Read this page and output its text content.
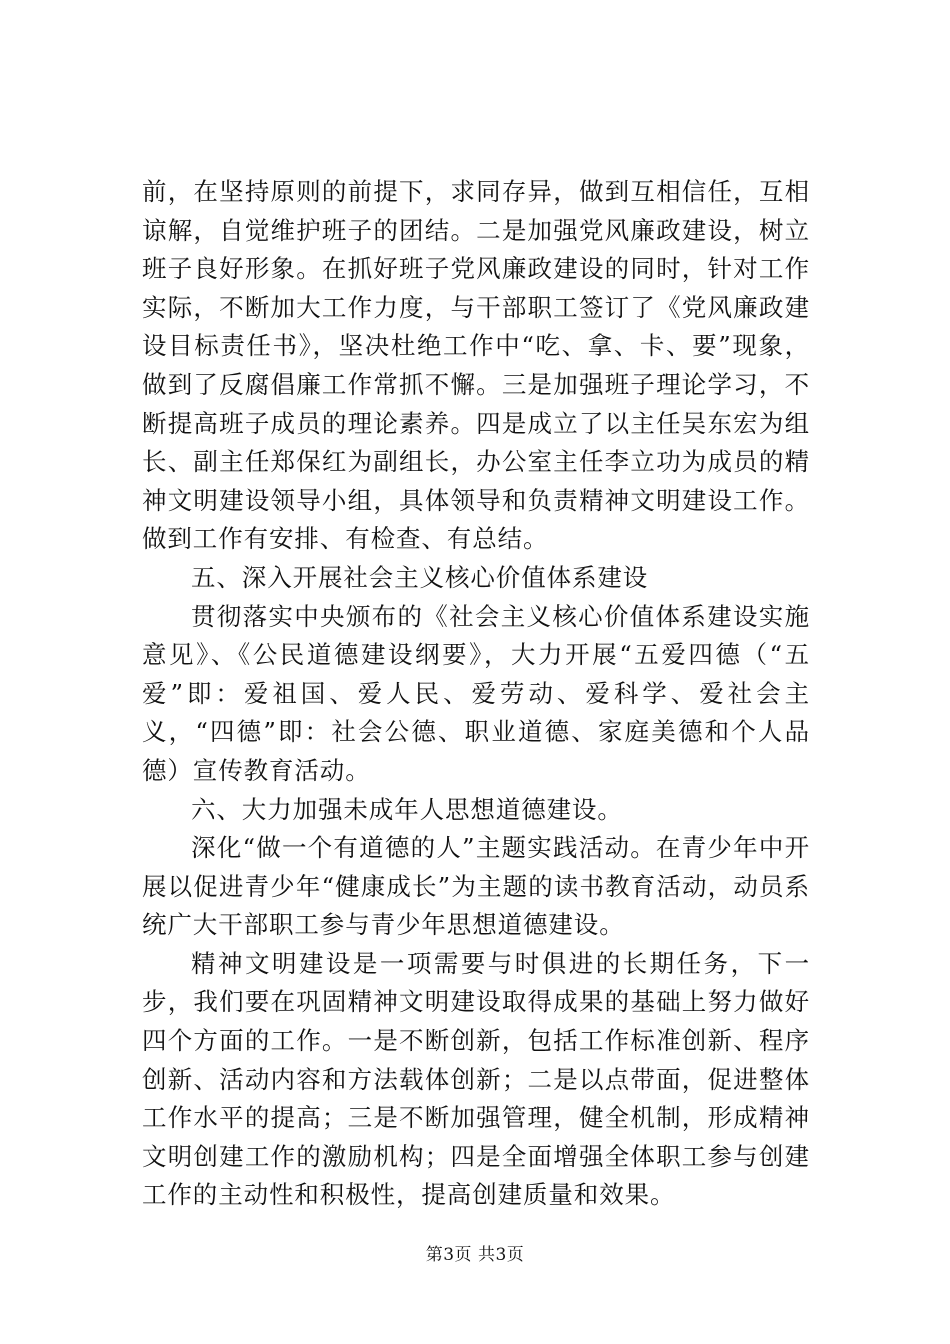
前，在坚持原则的前提下，求同存异，做到互相信任，互相谅解，自觉维护班子的团结。二是加强党风廉政建设，树立班子良好形象。在抓好班子党风廉政建设的同时，针对工作实际，不断加大工作力度，与干部职工签订了《党风廉政建设目标责任书》，坚决杜绝工作中“吃、拿、卡、要”现象，做到了反腐倡廉工作常抓不懈。三是加强班子理论学习，不断提高班子成员的理论素养。四是成立了以主任吴东宏为组长、副主任郑保红为副组长，办公室主任李立功为成员的精神文明建设领导小组，具体领导和负责精神文明建设工作。做到工作有安排、有检查、有总结。

五、深入开展社会主义核心价值体系建设

贯彻落实中央颁布的《社会主义核心价值体系建设实施意见》、《公民道德建设纲要》，大力开展“五爱四德（“五爱”即：爱祖国、爱人民、爱劳动、爱科学、爱社会主义，“四德”即：社会公德、职业道德、家庭美德和个人品德）宣传教育活动。

六、大力加强未成年人思想道德建设。

深化“做一个有道德的人”主题实践活动。在青少年中开展以促进青少年“健康成长”为主题的读书教育活动，动员系统广大干部职工参与青少年思想道德建设。

精神文明建设是一项需要与时俱进的长期任务，下一步，我们要在巩固精神文明建设取得成果的基础上努力做好四个方面的工作。一是不断创新，包括工作标准创新、程序创新、活动内容和方法载体创新；二是以点带面，促进整体工作水平的提高；三是不断加强管理，健全机制，形成精神文明创建工作的激励机构；四是全面增强全体职工参与创建工作的主动性和积极性，提高创建质量和效果。

第3页 共3页
